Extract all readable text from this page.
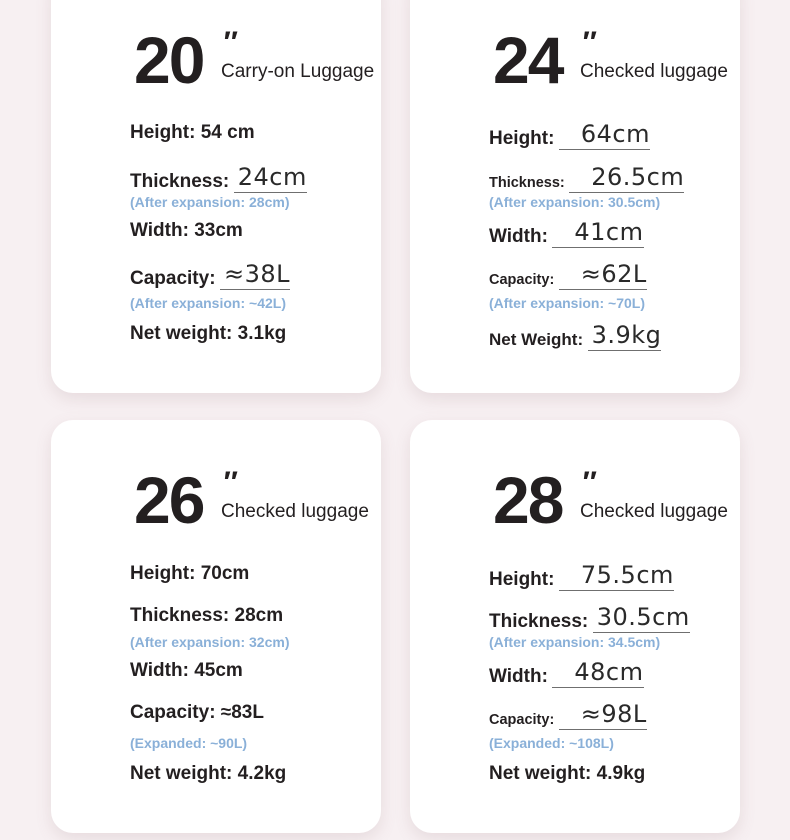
20 ″
Carry-on Luggage
Height: 54 cm
Thickness: 24cm
(After expansion: 28cm)
Width: 33cm
Capacity: ≈38L
(After expansion: ~42L)
Net weight: 3.1kg
24 ″
Checked luggage
Height: 64cm
Thickness: 26.5cm
(After expansion: 30.5cm)
Width: 41cm
Capacity: ≈62L
(After expansion: ~70L)
Net Weight: 3.9kg
26 ″
Checked luggage
Height: 70cm
Thickness: 28cm
(After expansion: 32cm)
Width: 45cm
Capacity: ≈83L
(Expanded: ~90L)
Net weight: 4.2kg
28 ″
Checked luggage
Height: 75.5cm
Thickness: 30.5cm
(After expansion: 34.5cm)
Width: 48cm
Capacity: ≈98L
(Expanded: ~108L)
Net weight: 4.9kg
